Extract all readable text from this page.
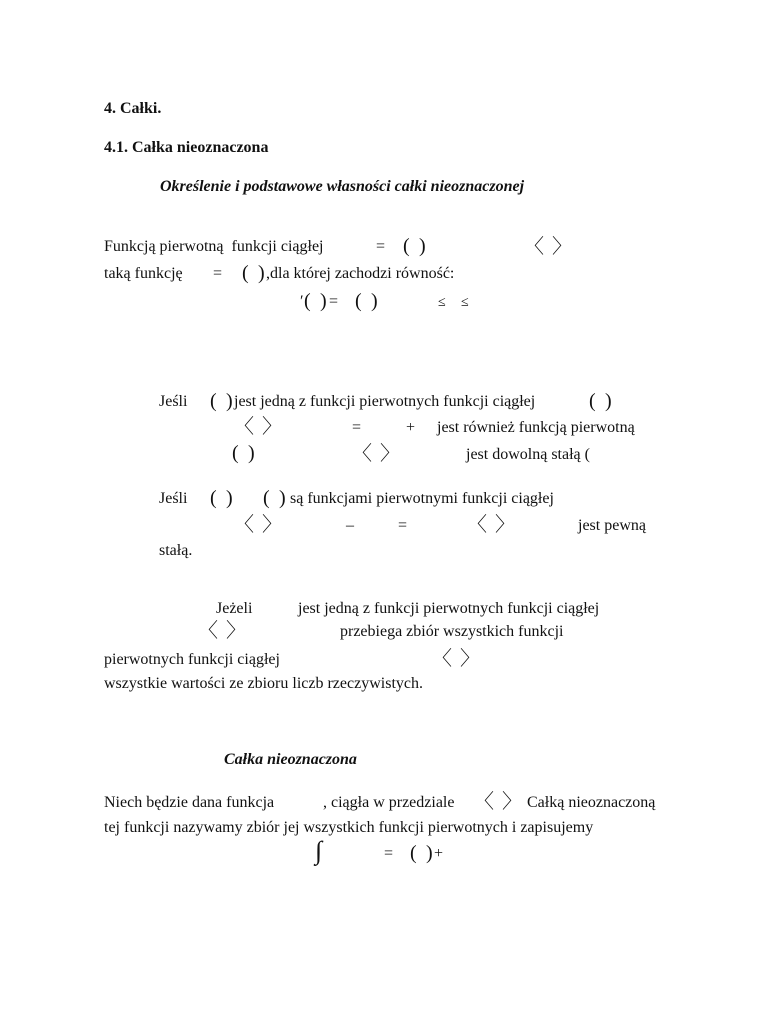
4. Całki.
4.1. Całka nieoznaczona
Określenie i podstawowe własności całki nieoznaczonej
Funkcją pierwotną  funkcji ciągłej	= ( )	〈 〉
taką funkcję = ( ) ,dla której zachodzi równość:
′ ( ) = ( )	≤ ≤
Jeśli ( ) jest jedną z funkcji pierwotnych funkcji ciągłej	( )
〈 〉	=	+ jest również funkcją pierwotną
( )	〈 〉	jest dowolną stałą (
Jeśli ( ) ( ) są funkcjami pierwotnymi funkcji ciągłej
〈 〉	–	=	〈 〉	jest pewną
stałą.
Jeżeli	jest jedną z funkcji pierwotnych funkcji ciągłej
〈 〉	przebiega zbiór wszystkich funkcji
pierwotnych funkcji ciągłej	〈 〉
wszystkie wartości ze zbioru liczb rzeczywistych.
Całka nieoznaczona
Niech będzie dana funkcja	, ciągła w przedziale 〈 〉 Całką nieoznaczoną
tej funkcji nazywamy zbiór jej wszystkich funkcji pierwotnych i zapisujemy
∫	= ( ) +
